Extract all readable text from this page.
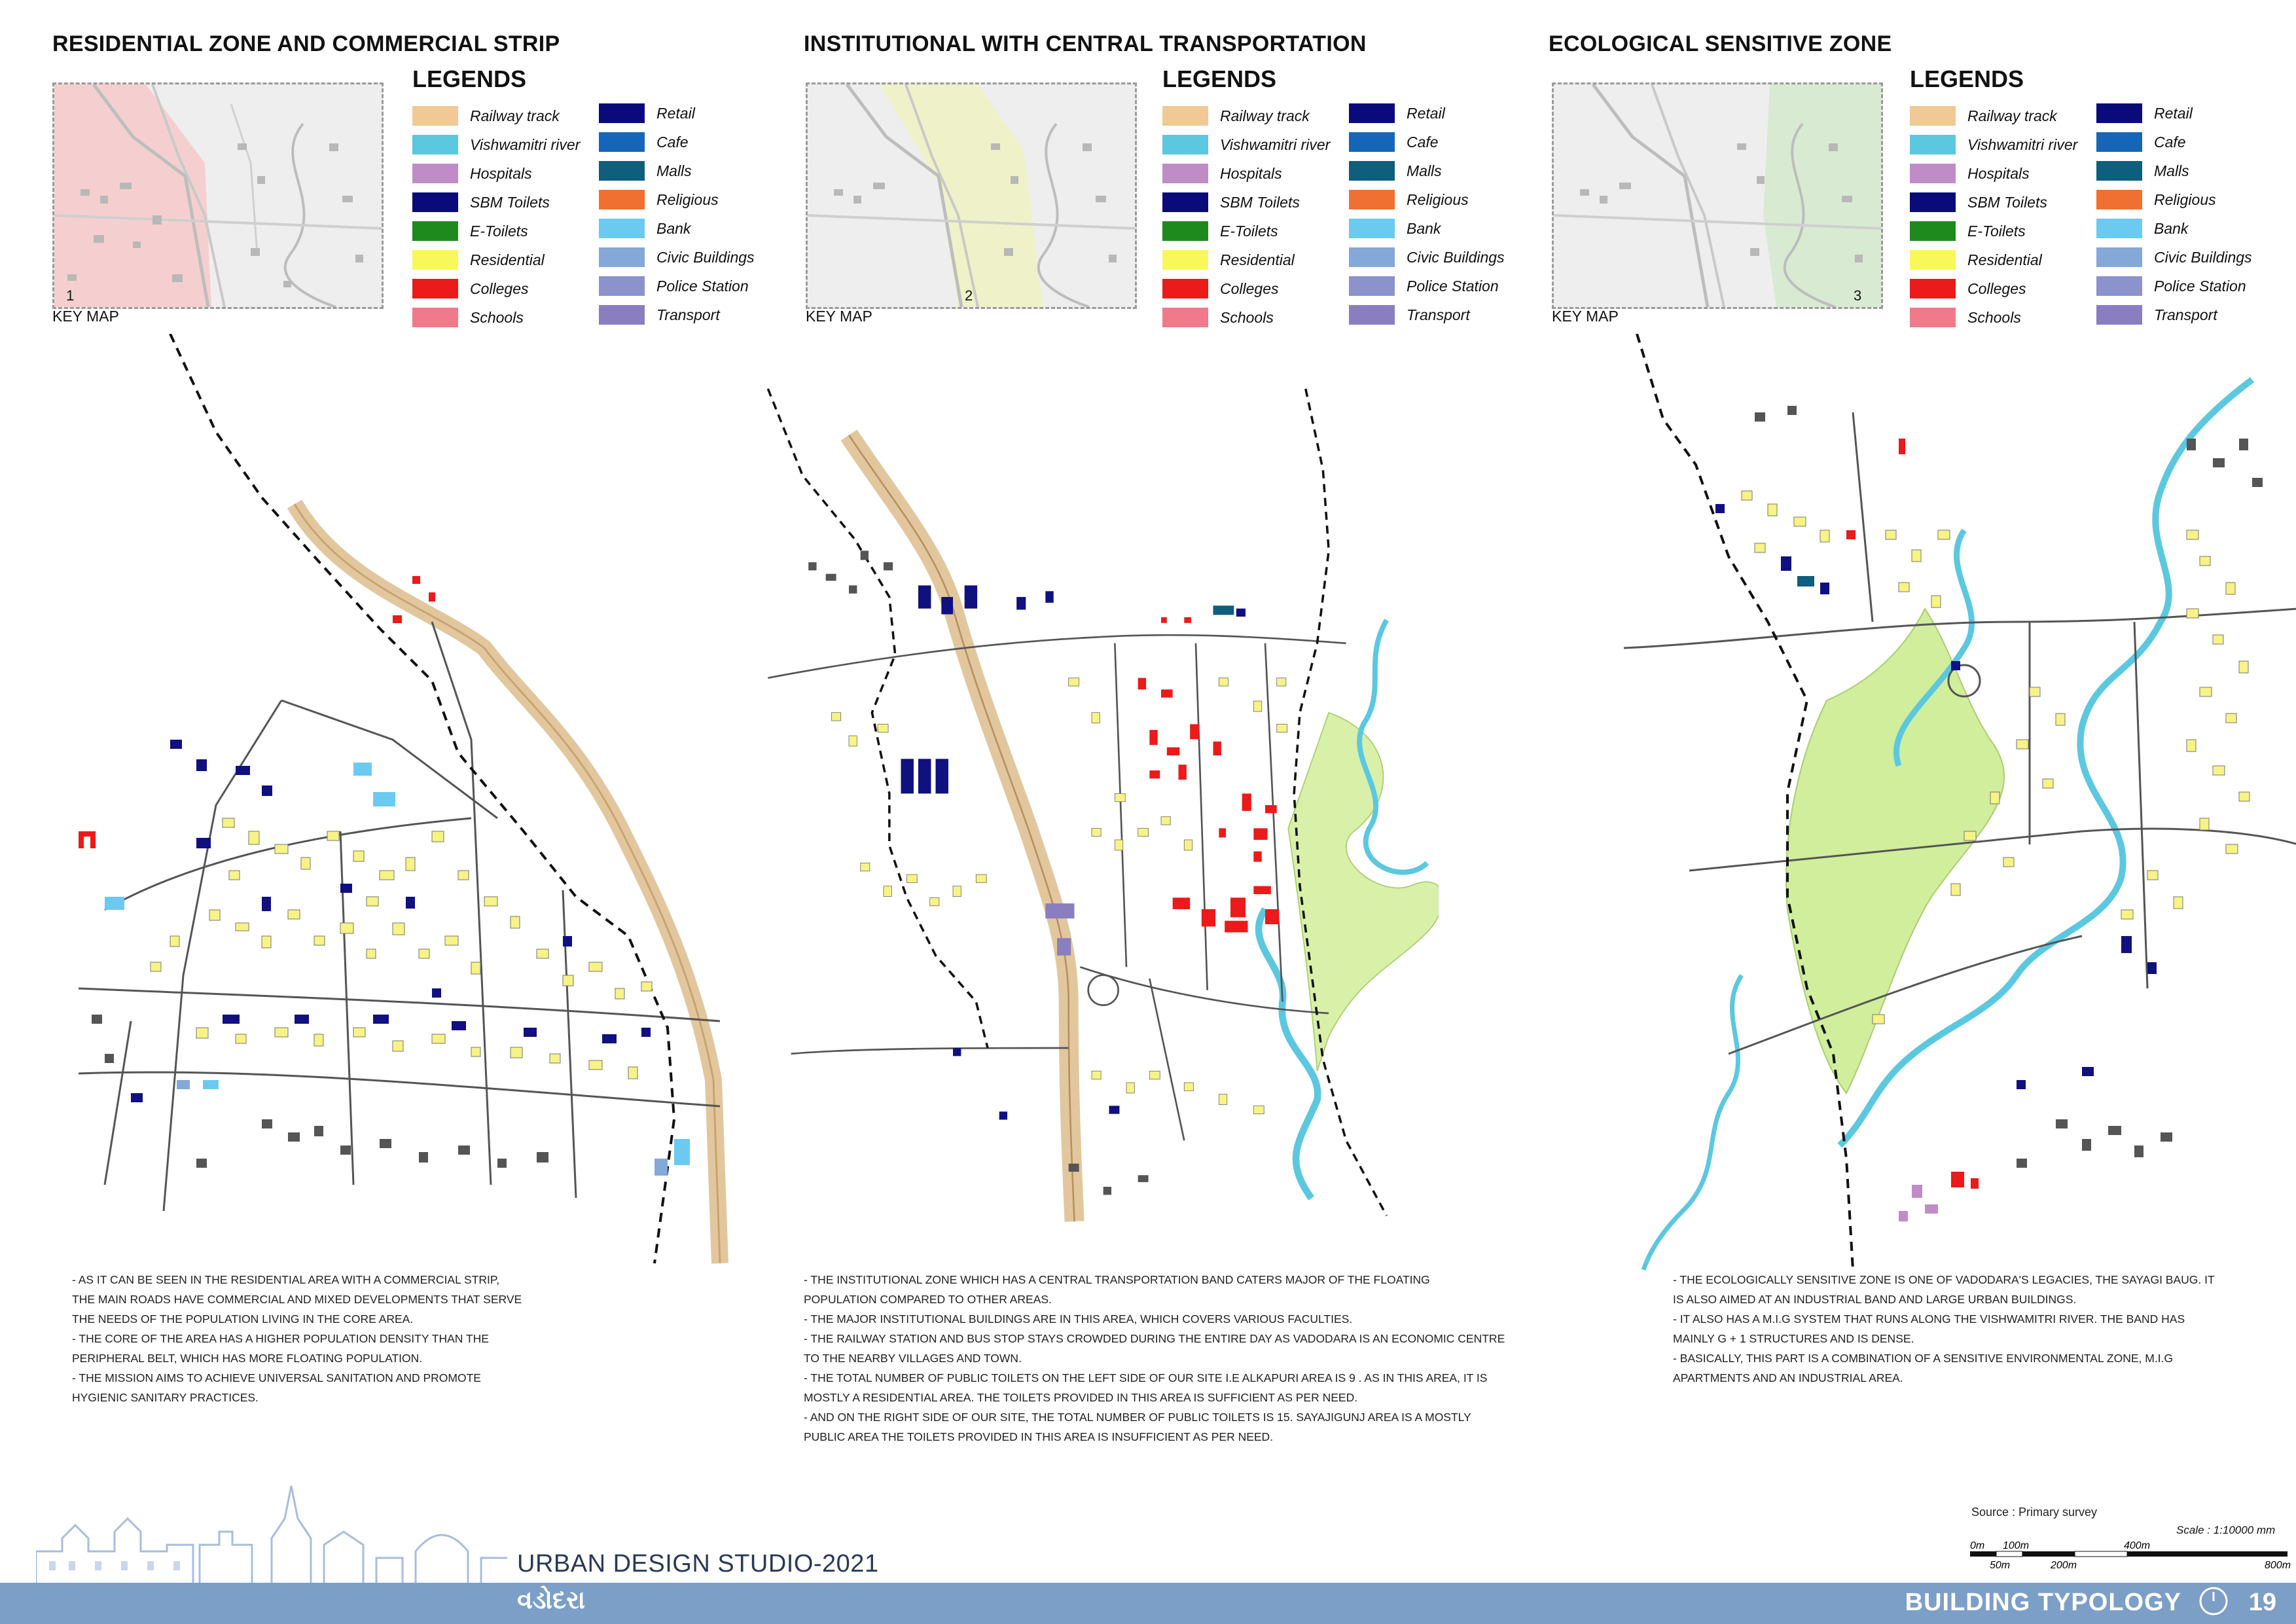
RESIDENTIAL ZONE AND COMMERCIAL STRIP
1
KEY MAP
LEGENDS
Railway track
Vishwamitri river
Hospitals
SBM Toilets
E-Toilets
Residential
Colleges
Schools
Retail
Cafe
Malls
Religious
Bank
Civic Buildings
Police Station
Transport
- AS IT CAN BE SEEN IN THE RESIDENTIAL AREA WITH A COMMERCIAL STRIP,
THE MAIN ROADS HAVE COMMERCIAL AND MIXED DEVELOPMENTS THAT SERVE
THE NEEDS OF THE POPULATION LIVING IN THE CORE AREA.
- THE CORE OF THE AREA HAS A HIGHER POPULATION DENSITY THAN THE
PERIPHERAL BELT, WHICH HAS MORE FLOATING POPULATION.
- THE MISSION AIMS TO ACHIEVE UNIVERSAL SANITATION AND PROMOTE
HYGIENIC SANITARY PRACTICES.
INSTITUTIONAL WITH CENTRAL TRANSPORTATION
2
KEY MAP
LEGENDS
Railway track
Vishwamitri river
Hospitals
SBM Toilets
E-Toilets
Residential
Colleges
Schools
Retail
Cafe
Malls
Religious
Bank
Civic Buildings
Police Station
Transport
- THE INSTITUTIONAL ZONE WHICH HAS A CENTRAL TRANSPORTATION BAND CATERS MAJOR OF THE FLOATING
POPULATION COMPARED TO OTHER AREAS.
- THE MAJOR INSTITUTIONAL BUILDINGS ARE IN THIS AREA, WHICH COVERS VARIOUS FACULTIES.
- THE RAILWAY STATION AND BUS STOP STAYS CROWDED DURING THE ENTIRE DAY AS VADODARA IS AN ECONOMIC CENTRE
TO THE NEARBY VILLAGES AND TOWN.
- THE TOTAL NUMBER OF PUBLIC TOILETS ON THE LEFT SIDE OF OUR SITE I.E ALKAPURI AREA IS 9 . AS IN THIS AREA, IT IS
MOSTLY A RESIDENTIAL AREA. THE TOILETS PROVIDED IN THIS AREA IS SUFFICIENT AS PER NEED.
- AND ON THE RIGHT SIDE OF OUR SITE, THE TOTAL NUMBER OF PUBLIC TOILETS IS 15. SAYAJIGUNJ AREA IS A MOSTLY
PUBLIC AREA THE TOILETS PROVIDED IN THIS AREA IS INSUFFICIENT AS PER NEED.
ECOLOGICAL SENSITIVE ZONE
3
KEY MAP
LEGENDS
Railway track
Vishwamitri river
Hospitals
SBM Toilets
E-Toilets
Residential
Colleges
Schools
Retail
Cafe
Malls
Religious
Bank
Civic Buildings
Police Station
Transport
- THE ECOLOGICALLY SENSITIVE ZONE IS ONE OF VADODARA'S LEGACIES, THE SAYAGI BAUG. IT
IS ALSO AIMED AT AN INDUSTRIAL BAND AND LARGE URBAN BUILDINGS.
- IT ALSO HAS A M.I.G SYSTEM THAT RUNS ALONG THE VISHWAMITRI RIVER. THE BAND HAS
MAINLY G + 1 STRUCTURES AND IS DENSE.
- BASICALLY, THIS PART IS A COMBINATION OF A SENSITIVE ENVIRONMENTAL ZONE, M.I.G
APARTMENTS AND AN INDUSTRIAL AREA.
URBAN DESIGN STUDIO-2021
વડોદરા	BUILDING TYPOLOGY	19
Source : Primary survey
Scale : 1:10000 mm
0m 100m	400m
50m	200m	800m
